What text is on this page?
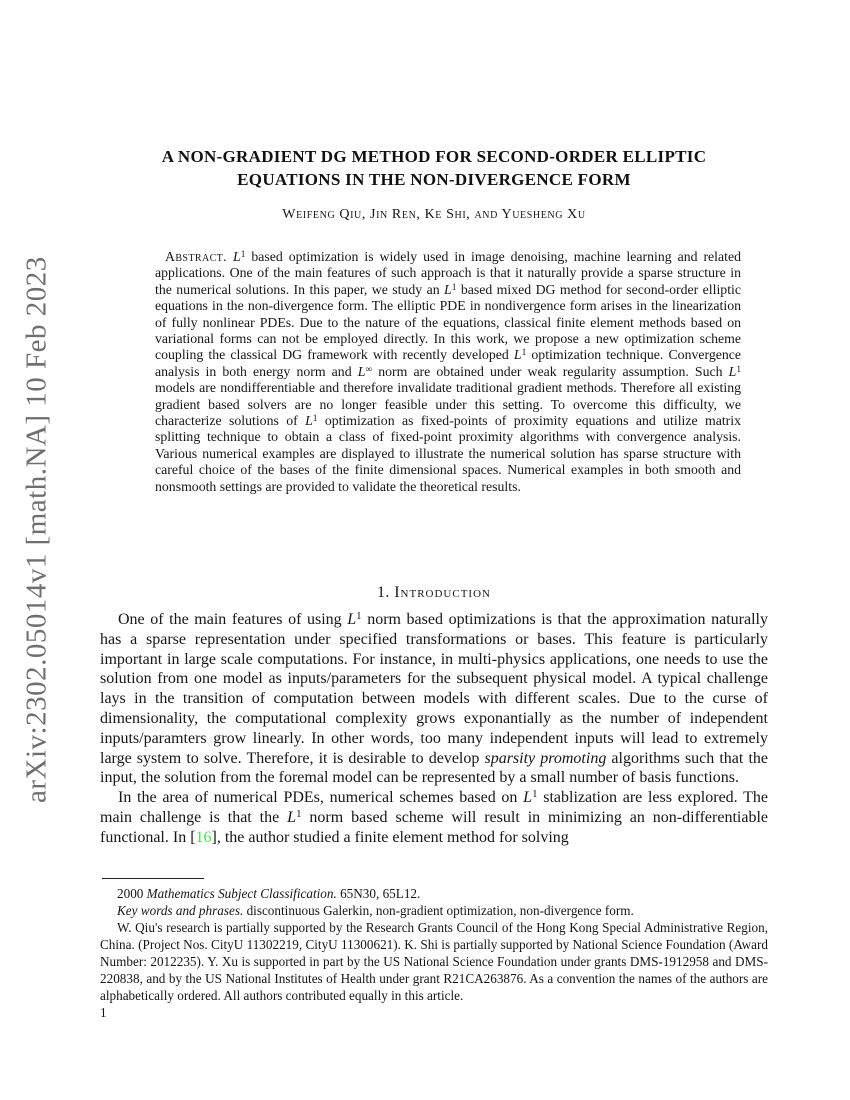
arXiv:2302.05014v1 [math.NA] 10 Feb 2023
A NON-GRADIENT DG METHOD FOR SECOND-ORDER ELLIPTIC
EQUATIONS IN THE NON-DIVERGENCE FORM
Weifeng Qiu, Jin Ren, Ke Shi, and Yuesheng Xu
Abstract. $L^1$ based optimization is widely used in image denoising, machine learning and related applications. One of the main features of such approach is that it naturally provide a sparse structure in the numerical solutions. In this paper, we study an $L^1$ based mixed DG method for second-order elliptic equations in the non-divergence form. The elliptic PDE in nondivergence form arises in the linearization of fully nonlinear PDEs. Due to the nature of the equations, classical finite element methods based on variational forms can not be employed directly. In this work, we propose a new optimization scheme coupling the classical DG framework with recently developed $L^1$ optimization technique. Convergence analysis in both energy norm and L∞ norm are obtained under weak regularity assumption. Such $L^1$ models are nondifferentiable and therefore invalidate traditional gradient methods. Therefore all existing gradient based solvers are no longer feasible under this setting. To overcome this difficulty, we characterize solutions of $L^1$ optimization as fixed-points of proximity equations and utilize matrix splitting technique to obtain a class of fixed-point proximity algorithms with convergence analysis. Various numerical examples are displayed to illustrate the numerical solution has sparse structure with careful choice of the bases of the finite dimensional spaces. Numerical examples in both smooth and nonsmooth settings are provided to validate the theoretical results.
1. Introduction

One of the main features of using $L^1$ norm based optimizations is that the approximation naturally has a sparse representation under specified transformations or bases. This feature is particularly important in large scale computations. For instance, in multi-physics applications, one needs to use the solution from one model as inputs/parameters for the subsequent physical model. A typical challenge lays in the transition of computation between models with different scales. Due to the curse of dimensionality, the computational complexity grows exponantially as the number of independent inputs/paramters grow linearly. In other words, too many independent inputs will lead to extremely large system to solve. Therefore, it is desirable to develop sparsity promoting algorithms such that the input, the solution from the foremal model can be represented by a small number of basis functions.

In the area of numerical PDEs, numerical schemes based on $L^1$ stablization are less explored. The main challenge is that the $L^1$ norm based scheme will result in minimizing an non-differentiable functional. In [16], the author studied a finite element method for solving

2000 Mathematics Subject Classification. 65N30, 65L12.

Key words and phrases. discontinuous Galerkin, non-gradient optimization, non-divergence form.

W. Qiu's research is partially supported by the Research Grants Council of the Hong Kong Special Administrative Region, China. (Project Nos. CityU 11302219, CityU 11300621). K. Shi is partially supported by National Science Foundation (Award Number: 2012235). Y. Xu is supported in part by the US National Science Foundation under grants DMS-1912958 and DMS-220838, and by the US National Institutes of Health under grant R21CA263876. As a convention the names of the authors are alphabetically ordered. All authors contributed equally in this article.

1
